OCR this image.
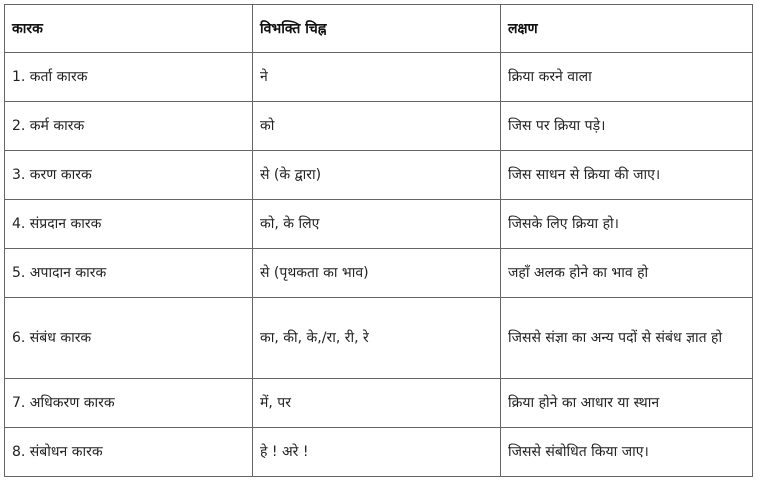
कारक	विभक्ति चिह्न	लक्षण
1. कर्ता कारक	ने	क्रिया करने वाला
2. कर्म कारक	को	जिस पर क्रिया पड़े।
3. करण कारक	से (के द्वारा)	जिस साधन से क्रिया की जाए।
4. संप्रदान कारक	को, के लिए	जिसके लिए क्रिया हो।
5. अपादान कारक	से (पृथकता का भाव)	जहाँ अलक होने का भाव हो
6. संबंध कारक	का, की, के,/रा, री, रे	जिससे संज्ञा का अन्य पदों से संबंध ज्ञात हो
7. अधिकरण कारक	में, पर	क्रिया होने का आधार या स्थान
8. संबोधन कारक	हे ! अरे !	जिससे संबोधित किया जाए।
